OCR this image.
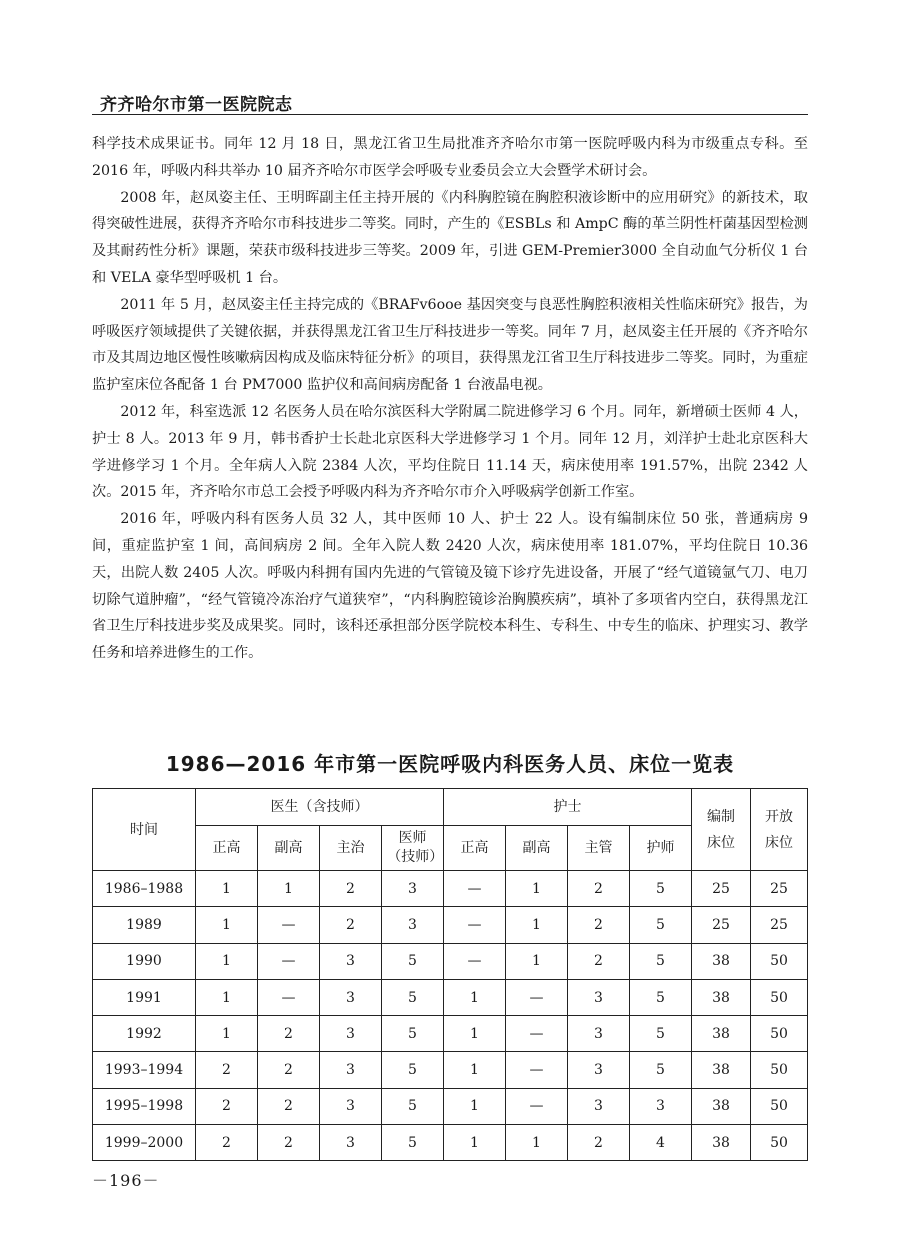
齐齐哈尔市第一医院院志

科学技术成果证书。同年 12 月 18 日，黑龙江省卫生局批准齐齐哈尔市第一医院呼吸内科为市级重点专科。至 2016 年，呼吸内科共举办 10 届齐齐哈尔市医学会呼吸专业委员会立大会暨学术研讨会。

2008 年，赵凤姿主任、王明晖副主任主持开展的《内科胸腔镜在胸腔积液诊断中的应用研究》的新技术，取得突破性进展，获得齐齐哈尔市科技进步二等奖。同时，产生的《ESBLs 和 AmpC 酶的革兰阴性杆菌基因型检测及其耐药性分析》课题，荣获市级科技进步三等奖。2009 年，引进 GEM-Premier3000 全自动血气分析仪 1 台和 VELA 豪华型呼吸机 1 台。

2011 年 5 月，赵凤姿主任主持完成的《BRAFv6ooe 基因突变与良恶性胸腔积液相关性临床研究》报告，为呼吸医疗领域提供了关键依据，并获得黑龙江省卫生厅科技进步一等奖。同年 7 月，赵凤姿主任开展的《齐齐哈尔市及其周边地区慢性咳嗽病因构成及临床特征分析》的项目，获得黑龙江省卫生厅科技进步二等奖。同时，为重症监护室床位各配备 1 台 PM7000 监护仪和高间病房配备 1 台液晶电视。

2012 年，科室选派 12 名医务人员在哈尔滨医科大学附属二院进修学习 6 个月。同年，新增硕士医师 4 人，护士 8 人。2013 年 9 月，韩书香护士长赴北京医科大学进修学习 1 个月。同年 12 月，刘洋护士赴北京医科大学进修学习 1 个月。全年病人入院 2384 人次，平均住院日 11.14 天，病床使用率 191.57%，出院 2342 人次。2015 年，齐齐哈尔市总工会授予呼吸内科为齐齐哈尔市介入呼吸病学创新工作室。

2016 年，呼吸内科有医务人员 32 人，其中医师 10 人、护士 22 人。设有编制床位 50 张，普通病房 9 间，重症监护室 1 间，高间病房 2 间。全年入院人数 2420 人次，病床使用率 181.07%，平均住院日 10.36 天，出院人数 2405 人次。呼吸内科拥有国内先进的气管镜及镜下诊疗先进设备，开展了“经气道镜氩气刀、电刀切除气道肿瘤”，“经气管镜冷冻治疗气道狭窄”，“内科胸腔镜诊治胸膜疾病”，填补了多项省内空白，获得黑龙江省卫生厅科技进步奖及成果奖。同时，该科还承担部分医学院校本科生、专科生、中专生的临床、护理实习、教学任务和培养进修生的工作。

1986—2016 年市第一医院呼吸内科医务人员、床位一览表
时间	医生（含技师）				护士				编制床位	开放床位
	正高	副高	主治	医师（技师）	正高	副高	主管	护师		
1986–1988	1	1	2	3	—	1	2	5	25	25
1989	1	—	2	3	—	1	2	5	25	25
1990	1	—	3	5	—	1	2	5	38	50
1991	1	—	3	5	1	—	3	5	38	50
1992	1	2	3	5	1	—	3	5	38	50
1993–1994	2	2	3	5	1	—	3	5	38	50
1995–1998	2	2	3	5	1	—	3	3	38	50
1999–2000	2	2	3	5	1	1	2	4	38	50
－196－
